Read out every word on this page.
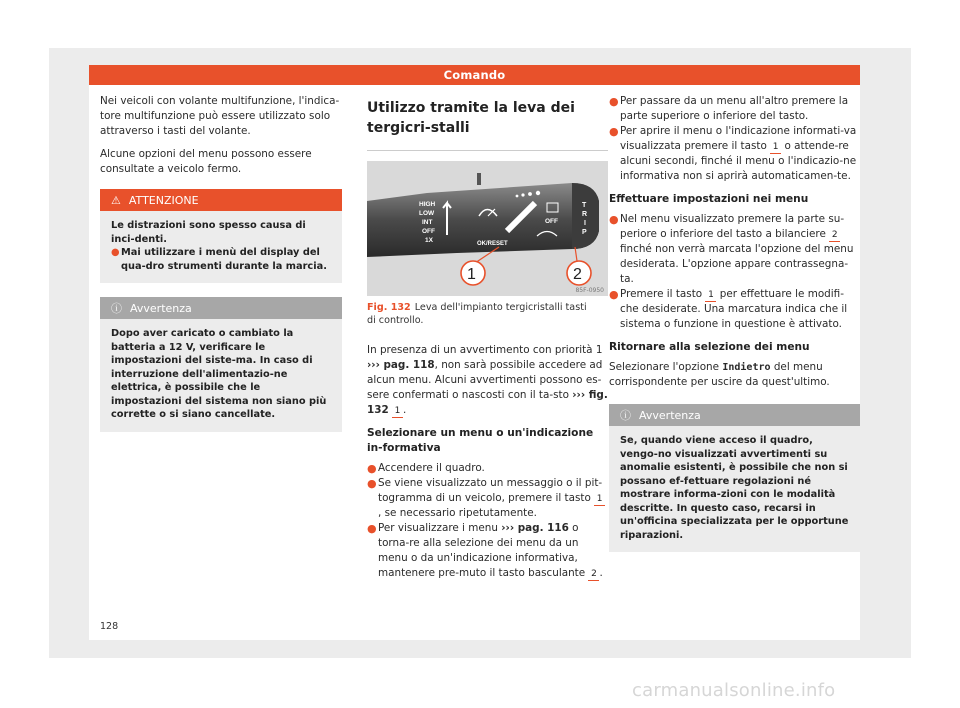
Comando

Nei veicoli con volante multifunzione, l'indica-tore multifunzione può essere utilizzato solo attraverso i tasti del volante.

Alcune opzioni del menu possono essere consultate a veicolo fermo.

⚠ ATTENZIONE
Le distrazioni sono spesso causa di inci-denti.
● Mai utilizzare i menù del display del qua-dro strumenti durante la marcia.
ⓘ Avvertenza
Dopo aver caricato o cambiato la batteria a 12 V, verificare le impostazioni del siste-ma. In caso di interruzione dell'alimentazio-ne elettrica, è possibile che le impostazioni del sistema non siano più corrette o si siano cancellate.
Utilizzo tramite la leva dei tergicri-stalli
HIGH
LOW
INT
OFF
1X
OFF
T
R
I
P
OK/RESET
1	2
85F-0950
Fig. 132 Leva dell'impianto tergicristalli tasti di controllo.

In presenza di un avvertimento con priorità 1 ››› pag. 118, non sarà possibile accedere ad alcun menu. Alcuni avvertimenti possono es-sere confermati o nascosti con il ta-sto ››› fig. 132 1 .

Selezionare un menu o un'indicazione in-formativa
● Accendere il quadro.
● Se viene visualizzato un messaggio o il pit-togramma di un veicolo, premere il tasto 1, se necessario ripetutamente.
● Per visualizzare i menu ››› pag. 116 o torna-re alla selezione dei menu da un menu o da un'indicazione informativa, mantenere pre-muto il tasto basculante 2 .
● Per passare da un menu all'altro premere la parte superiore o inferiore del tasto.
● Per aprire il menu o l'indicazione informati-va visualizzata premere il tasto 1 o attende-re alcuni secondi, finché il menu o l'indicazio-ne informativa non si aprirà automaticamen-te.
Effettuare impostazioni nei menu
● Nel menu visualizzato premere la parte su-periore o inferiore del tasto a bilanciere 2 finché non verrà marcata l'opzione del menu desiderata. L'opzione appare contrassegna-ta.
● Premere il tasto 1 per effettuare le modifi-che desiderate. Una marcatura indica che il sistema o funzione in questione è attivato.
Ritornare alla selezione dei menu

Selezionare l'opzione Indietro del menu corrispondente per uscire da quest'ultimo.

ⓘ Avvertenza
Se, quando viene acceso il quadro, vengo-no visualizzati avvertimenti su anomalie esistenti, è possibile che non si possano ef-fettuare regolazioni né mostrare informa-zioni con le modalità descritte. In questo caso, recarsi in un'officina specializzata per le opportune riparazioni.
128
carmanualsonline.info
